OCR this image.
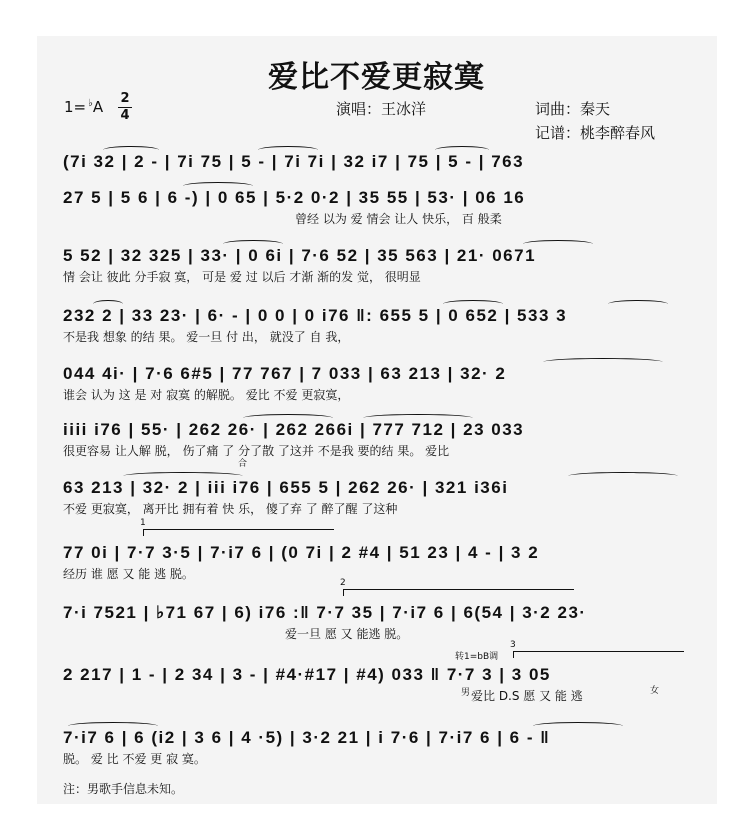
爱比不爱更寂寞
1= ♭A 2
4	演唱：王冰洋	词曲：秦天
记谱：桃李醉春风
(7i 32 | 2 - | 7i 75 | 5 - | 7i 7i | 32 i7 | 75 | 5 - | 763
27 5 | 5 6 | 6 -) | 0 65 | 5·2 0·2 | 35 55 | 53· | 06 16
曾经 以为 爱 情会 让人 快乐， 百 般柔
5 52 | 32 325 | 33· | 0 6i | 7·6 52 | 35 563 | 21· 0671
情 会让 彼此 分手寂 寞， 可是 爱 过 以后 才渐 渐的发 觉， 很明显
232 2 | 33 23· | 6· - | 0 0 | 0 i76 ‖: 655 5 | 0 652 | 533 3
不是我 想象 的结 果。 爱一旦 付 出， 就没了 自 我，
044 4i· | 7·6 6#5 | 77 767 | 7 033 | 63 213 | 32· 2
谁会 认为 这 是 对 寂寞 的解脱。 爱比 不爱 更寂寞，
iiii i76 | 55· | 262 26· | 262 266i | 777 712 | 23 033
很更容易 让人解 脱， 伤了痛 了 分了散 了这并 不是我 要的结 果。 爱比
63 213 | 32· 2 | iii i76 | 655 5 | 262 26· | 321 i36i
不爱 更寂寞， 离开比 拥有着 快 乐， 傻了弃 了 醉了醒 了这种
1
77 0i | 7·7 3·5 | 7·i7 6 | (0 7i | 2 #4 | 51 23 | 4 - | 3 2
经历 谁 愿 又 能 逃 脱。
2
7·i 7521 | ♭71 67 | 6) i76 :‖ 7·7 35 | 7·i7 6 | 6(54 | 3·2 23·
爱一旦 愿 又 能逃 脱。
3
转1=bB调
2 217 | 1 - | 2 34 | 3 - | #4·#17 | #4) 033 ‖ 7·7 3 | 3 05
爱比 D.S 愿 又 能 逃
男	女
7·i7 6 | 6 (i2 | 3 6 | 4 ·5) | 3·2 21 | i 7·6 | 7·i7 6 | 6 - ‖
脱。 爱 比 不爱 更 寂 寞。
合
注：男歌手信息未知。
